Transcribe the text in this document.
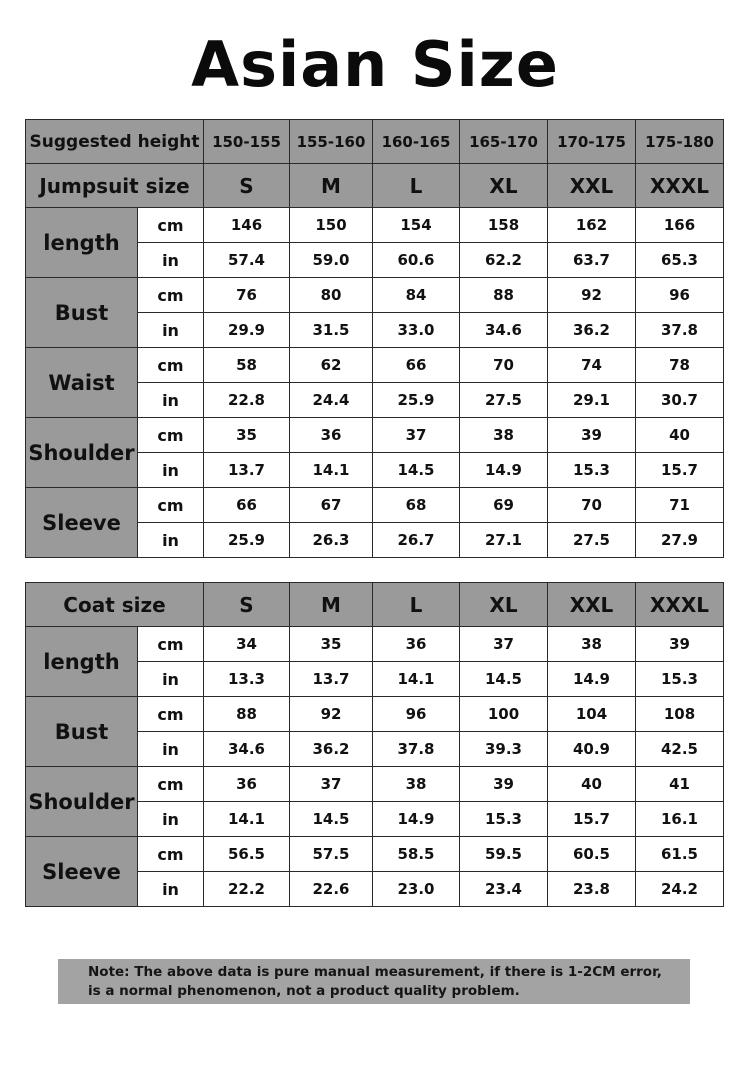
Asian Size
Suggested height		150-155	155-160	160-165	165-170	170-175	175-180
Jumpsuit size		S	M	L	XL	XXL	XXXL
length	cm	146	150	154	158	162	166
	in	57.4	59.0	60.6	62.2	63.7	65.3
Bust	cm	76	80	84	88	92	96
	in	29.9	31.5	33.0	34.6	36.2	37.8
Waist	cm	58	62	66	70	74	78
	in	22.8	24.4	25.9	27.5	29.1	30.7
Shoulder	cm	35	36	37	38	39	40
	in	13.7	14.1	14.5	14.9	15.3	15.7
Sleeve	cm	66	67	68	69	70	71
	in	25.9	26.3	26.7	27.1	27.5	27.9
Coat size		S	M	L	XL	XXL	XXXL
length	cm	34	35	36	37	38	39
	in	13.3	13.7	14.1	14.5	14.9	15.3
Bust	cm	88	92	96	100	104	108
	in	34.6	36.2	37.8	39.3	40.9	42.5
Shoulder	cm	36	37	38	39	40	41
	in	14.1	14.5	14.9	15.3	15.7	16.1
Sleeve	cm	56.5	57.5	58.5	59.5	60.5	61.5
	in	22.2	22.6	23.0	23.4	23.8	24.2
Note: The above data is pure manual measurement, if there is 1-2CM error,
is a normal phenomenon, not a product quality problem.
